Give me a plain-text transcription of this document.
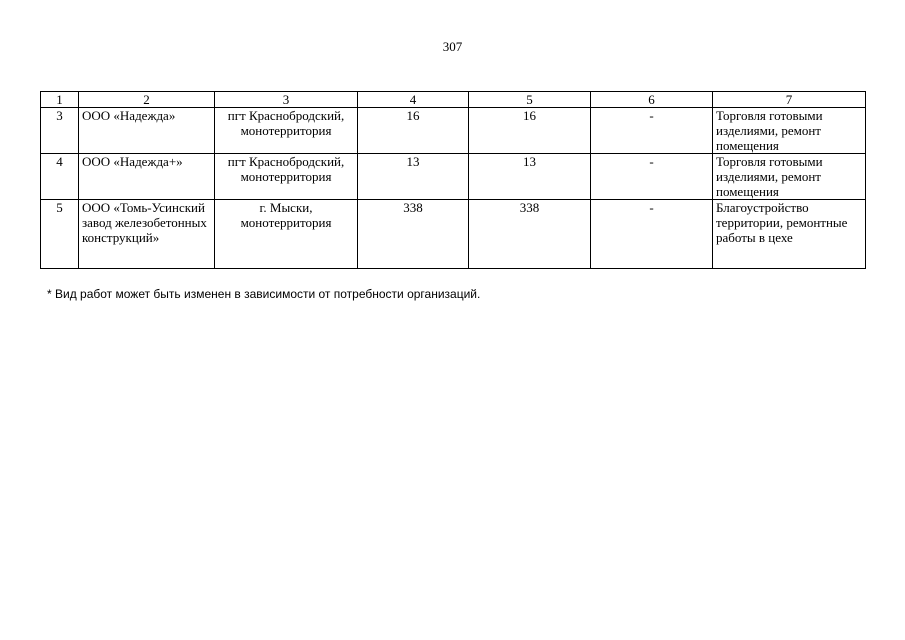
307
1	2	3	4	5	6	7
3	ООО «Надежда»	пгт Краснобродский, монотерритория	16	16	-	Торговля готовыми изделиями, ремонт помещения
4	ООО «Надежда+»	пгт Краснобродский, монотерритория	13	13	-	Торговля готовыми изделиями, ремонт помещения
5	ООО «Томь-Усинский завод железобетонных конструкций»	г. Мыски, монотерритория	338	338	-	Благоустройство территории, ремонтные работы в цехе
* Вид работ может быть изменен в зависимости от потребности организаций.
